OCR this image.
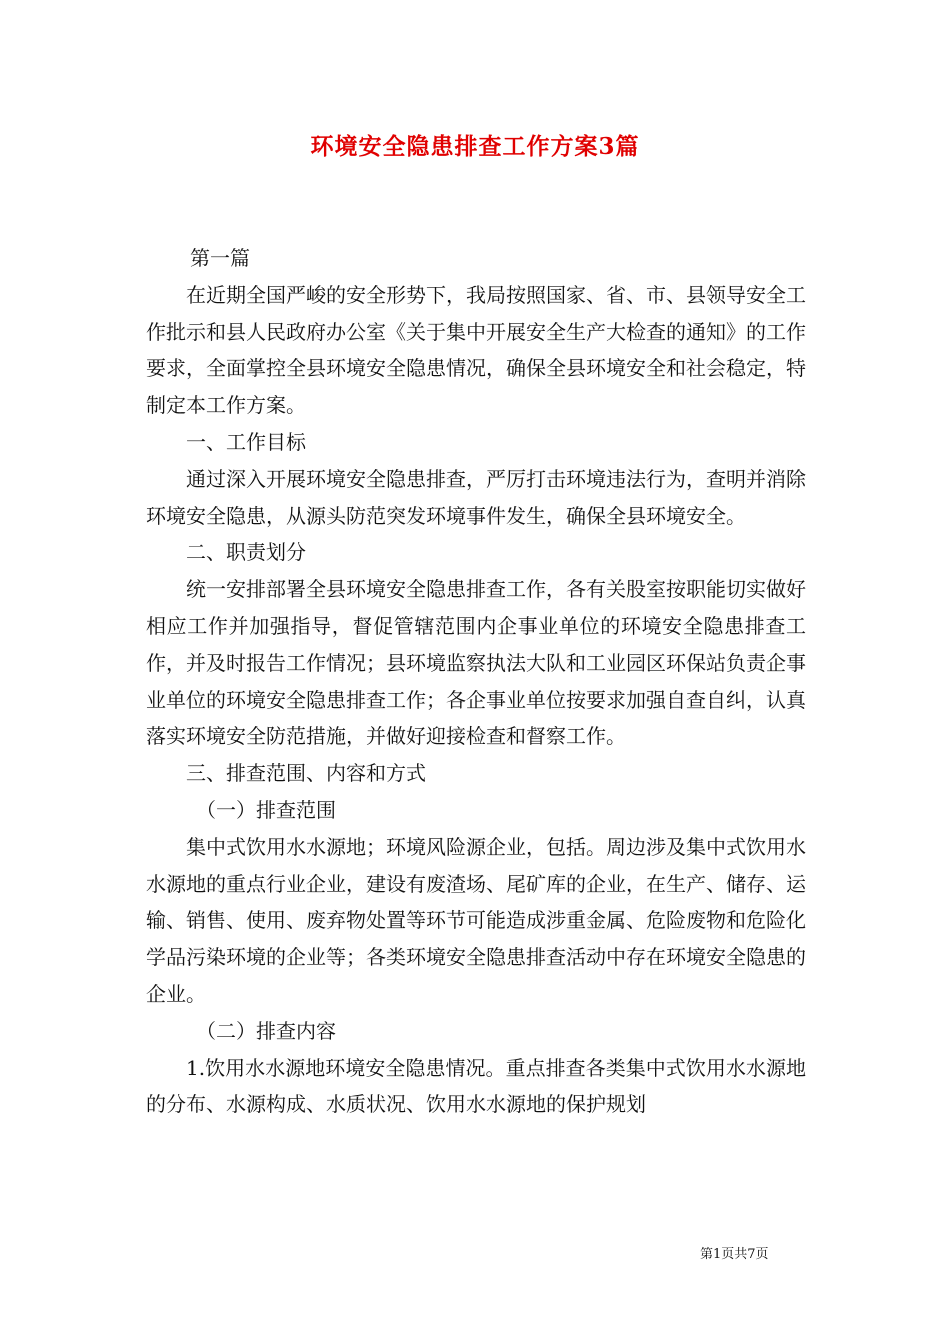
环境安全隐患排查工作方案3篇

第一篇

在近期全国严峻的安全形势下，我局按照国家、省、市、县领导安全工作批示和县人民政府办公室《关于集中开展安全生产大检查的通知》的工作要求，全面掌控全县环境安全隐患情况，确保全县环境安全和社会稳定，特制定本工作方案。

一、工作目标

通过深入开展环境安全隐患排查，严厉打击环境违法行为，查明并消除环境安全隐患，从源头防范突发环境事件发生，确保全县环境安全。

二、职责划分

统一安排部署全县环境安全隐患排查工作，各有关股室按职能切实做好相应工作并加强指导，督促管辖范围内企事业单位的环境安全隐患排查工作，并及时报告工作情况；县环境监察执法大队和工业园区环保站负责企事业单位的环境安全隐患排查工作；各企事业单位按要求加强自查自纠，认真落实环境安全防范措施，并做好迎接检查和督察工作。

三、排查范围、内容和方式

（一）排查范围

集中式饮用水水源地；环境风险源企业，包括。周边涉及集中式饮用水水源地的重点行业企业，建设有废渣场、尾矿库的企业，在生产、储存、运输、销售、使用、废弃物处置等环节可能造成涉重金属、危险废物和危险化学品污染环境的企业等；各类环境安全隐患排查活动中存在环境安全隐患的企业。

（二）排查内容

1.饮用水水源地环境安全隐患情况。重点排查各类集中式饮用水水源地的分布、水源构成、水质状况、饮用水水源地的保护规划

第1页共7页
